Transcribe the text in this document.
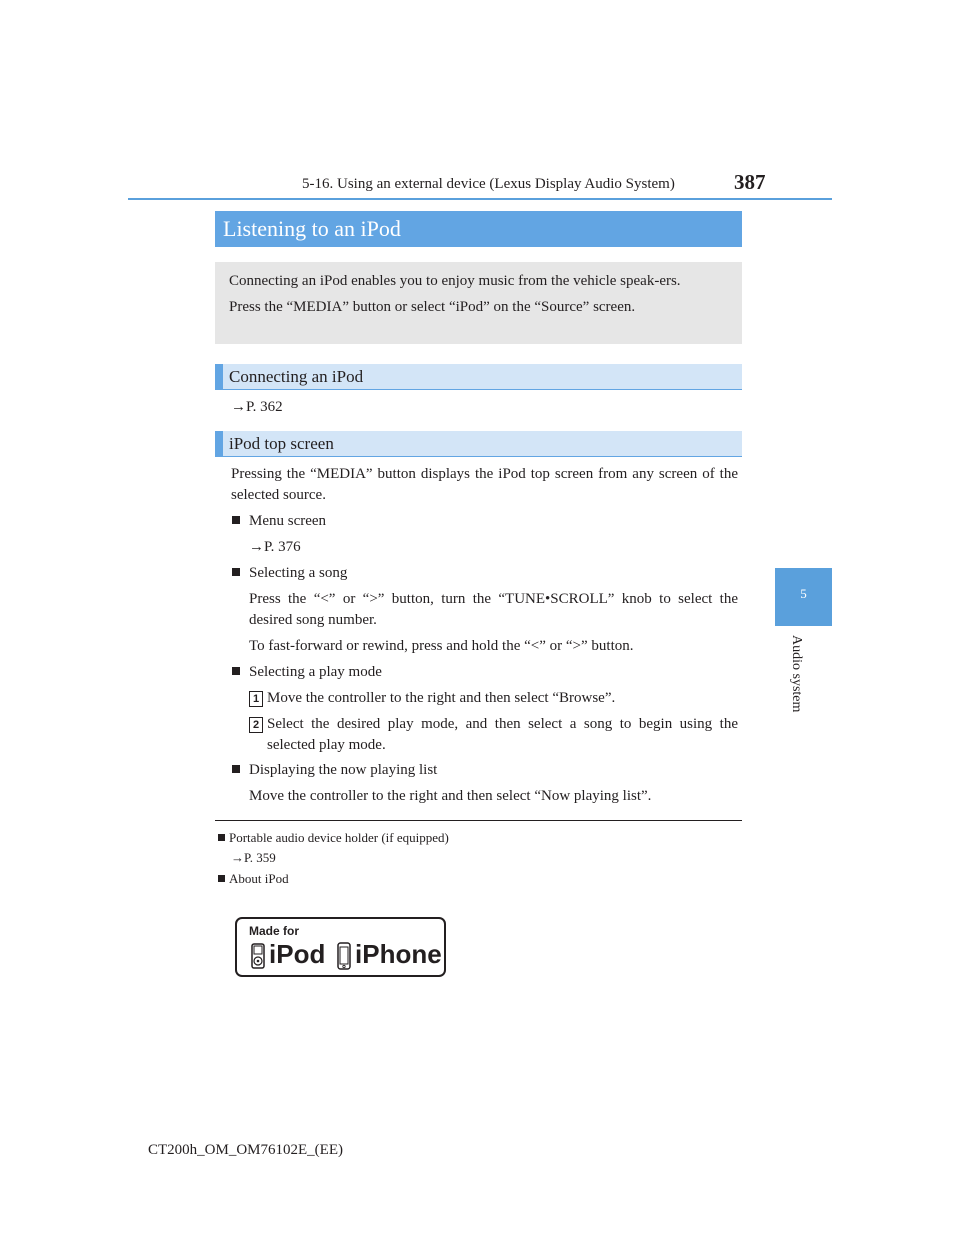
5-16. Using an external device (Lexus Display Audio System)	387
5
Audio system
Listening to an iPod

Connecting an iPod enables you to enjoy music from the vehicle speak-ers.

Press the “MEDIA” button or select “iPod” on the “Source” screen.

Connecting an iPod
→P. 362
iPod top screen
Pressing the “MEDIA” button displays the iPod top screen from any screen of the selected source.
Menu screen
→P. 376
Selecting a song
Press the “<” or “>” button, turn the “TUNE•SCROLL” knob to select the desired song number.
To fast-forward or rewind, press and hold the “<” or “>” button.
Selecting a play mode
1 Move the controller to the right and then select “Browse”.
2 Select the desired play mode, and then select a song to begin using the selected play mode.
Displaying the now playing list
Move the controller to the right and then select “Now playing list”.
Portable audio device holder (if equipped)
→P. 359
About iPod
Made for
iPod iPhone
CT200h_OM_OM76102E_(EE)
